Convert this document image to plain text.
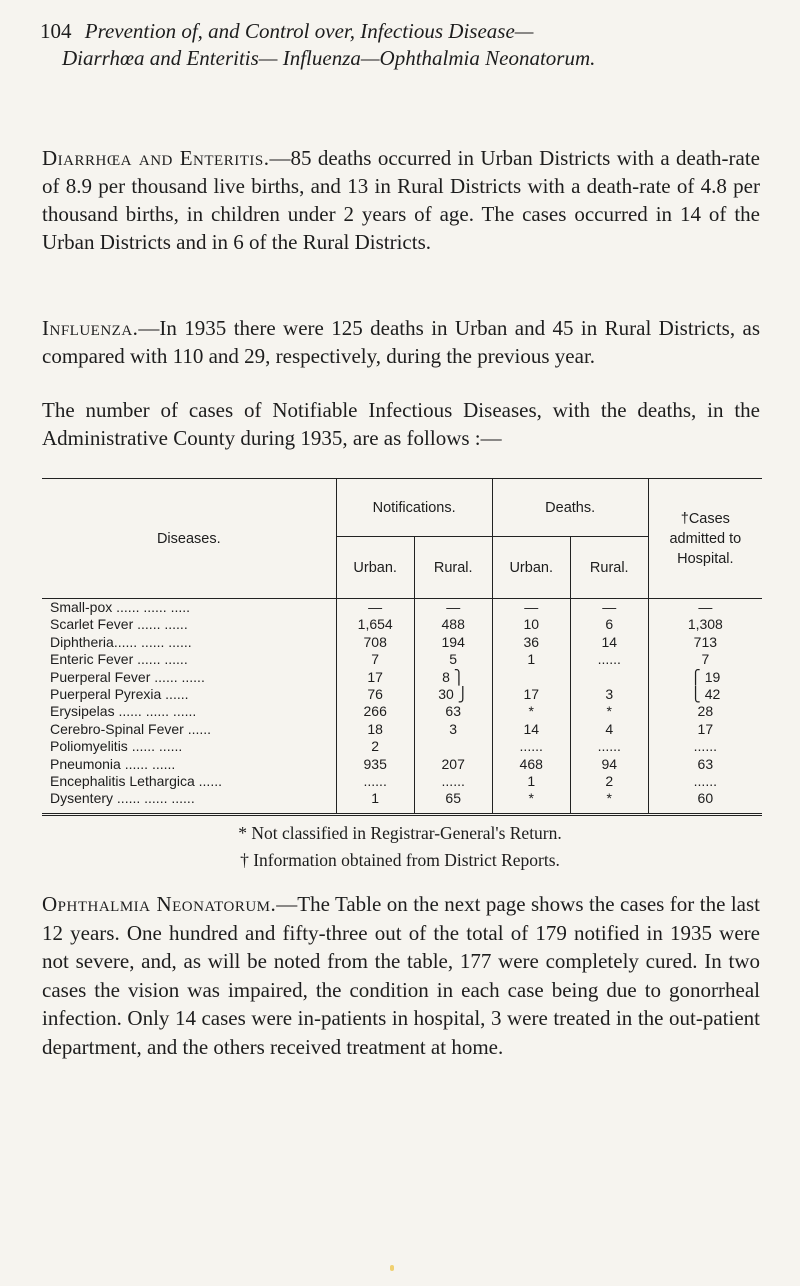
104 Prevention of, and Control over, Infectious Disease—
Diarrhœa and Enteritis— Influenza—Ophthalmia Neonatorum.

Diarrhœa and Enteritis.—85 deaths occurred in Urban Districts with a death-rate of 8.9 per thousand live births, and 13 in Rural Districts with a death-rate of 4.8 per thousand births, in children under 2 years of age. The cases occurred in 14 of the Urban Districts and in 6 of the Rural Districts.

Influenza.—In 1935 there were 125 deaths in Urban and 45 in Rural Districts, as compared with 110 and 29, respectively, during the previous year.

The number of cases of Notifiable Infectious Diseases, with the deaths, in the Administrative County during 1935, are as follows :—

Diseases.	Notifications.		Deaths.		†Cases admitted to Hospital.
	Urban.	Rural.	Urban.	Rural.	
Small-pox ...... ...... .....	—	—	—	—	—
Scarlet Fever ...... ......	1,654	488	10	6	1,308
Diphtheria...... ...... ......	708	194	36	14	713
Enteric Fever ...... ......	7	5	1	......	7
Puerperal Fever ...... ......	17	8 ⎫			⎧ 19
Puerperal Pyrexia ......	76	30 ⎭	17	3	⎩ 42
Erysipelas ...... ...... ......	266	63	*	*	28
Cerebro-Spinal Fever ......	18	3	14	4	17
Poliomyelitis ...... ......	2		......	......	......
Pneumonia ...... ......	935	207	468	94	63
Encephalitis Lethargica ......	......	......	1	2	......
Dysentery ...... ...... ......	1	65	*	*	60
* Not classified in Registrar-General's Return.
† Information obtained from District Reports.

Ophthalmia Neonatorum.—The Table on the next page shows the cases for the last 12 years. One hundred and fifty-three out of the total of 179 notified in 1935 were not severe, and, as will be noted from the table, 177 were completely cured. In two cases the vision was impaired, the condition in each case being due to gonorrheal infection. Only 14 cases were in-patients in hospital, 3 were treated in the out-patient department, and the others received treatment at home.
